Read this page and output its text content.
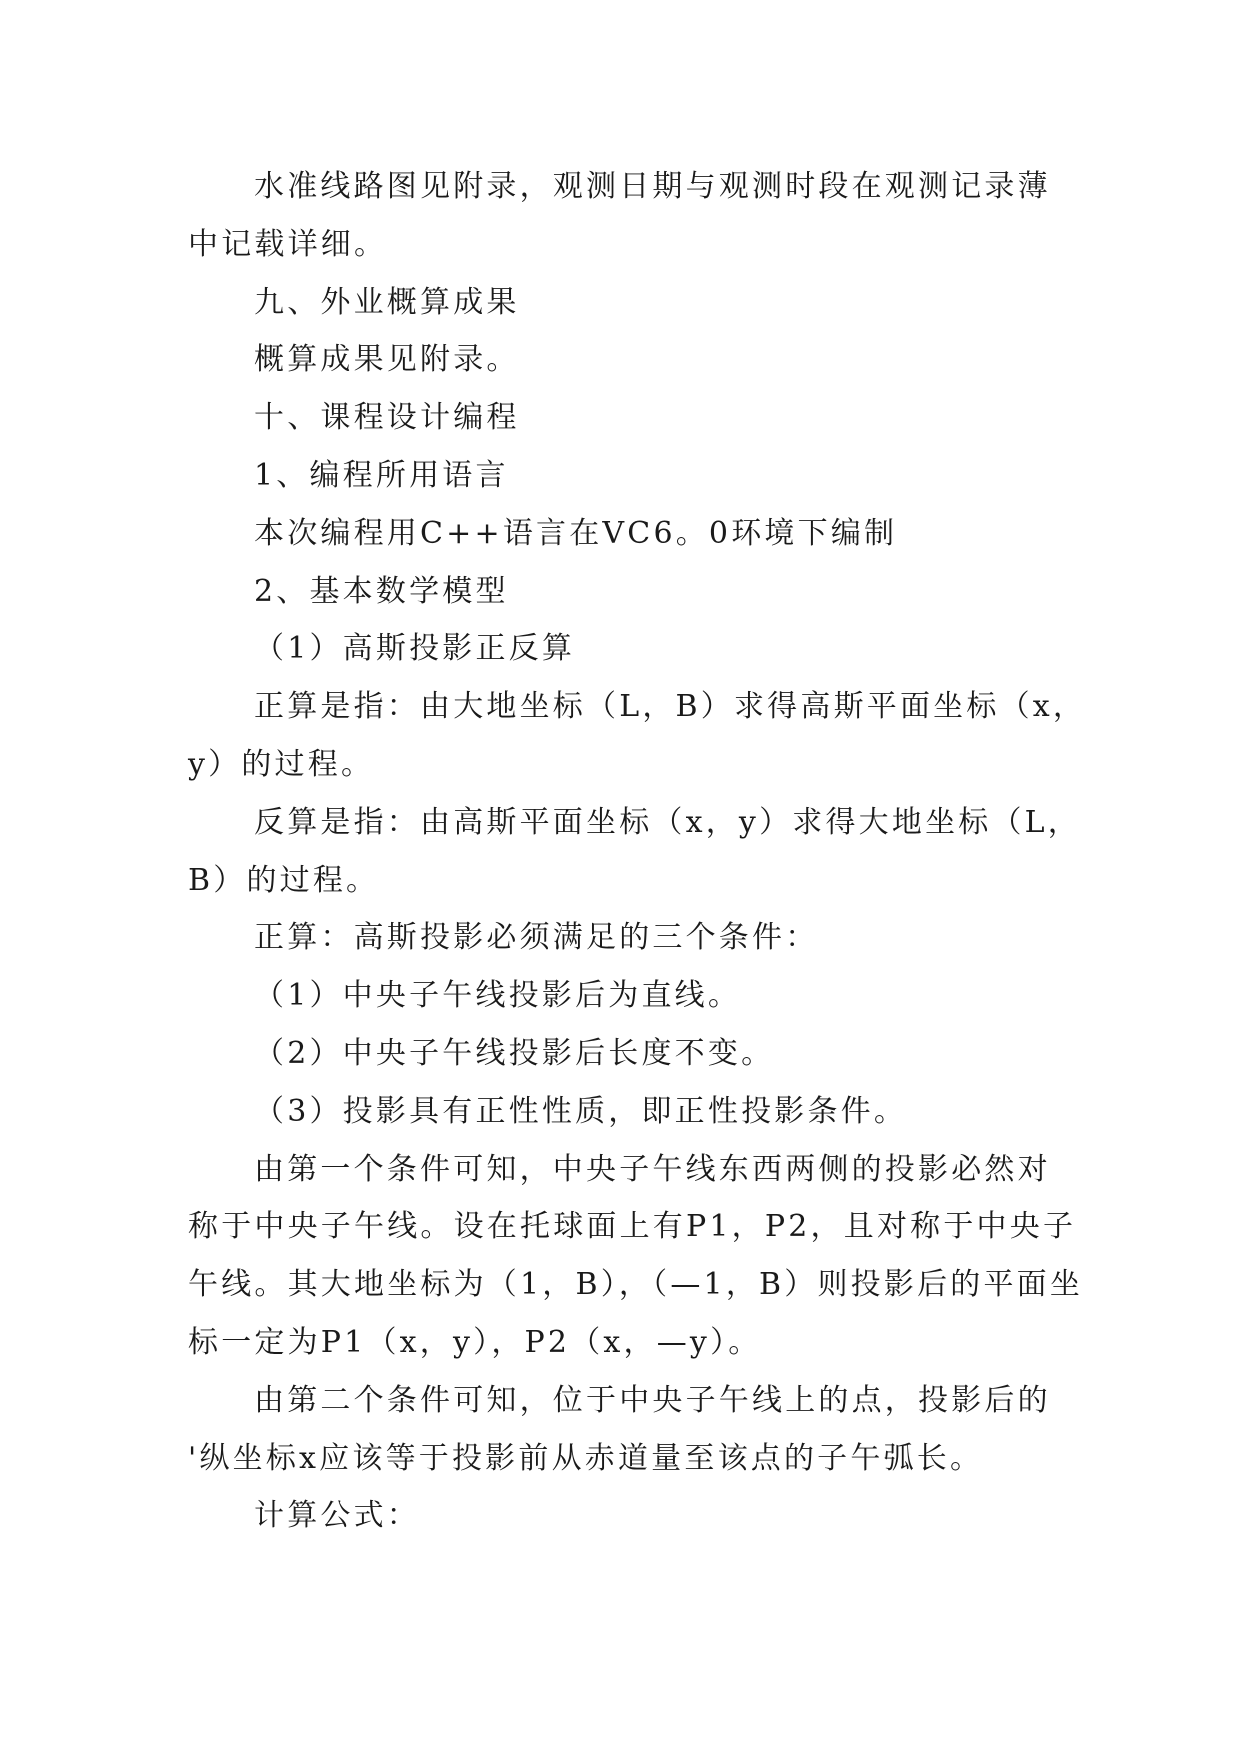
水准线路图见附录，观测日期与观测时段在观测记录薄

中记载详细。

九、外业概算成果

概算成果见附录。

十、课程设计编程

1、编程所用语言

本次编程用C++语言在VC6。0环境下编制

2、基本数学模型

（1）高斯投影正反算

正算是指：由大地坐标（L，B）求得高斯平面坐标（x，

y）的过程。

反算是指：由高斯平面坐标（x，y）求得大地坐标（L，

B）的过程。

正算：高斯投影必须满足的三个条件：

（1）中央子午线投影后为直线。

（2）中央子午线投影后长度不变。

（3）投影具有正性性质，即正性投影条件。

由第一个条件可知，中央子午线东西两侧的投影必然对

称于中央子午线。设在托球面上有P1，P2，且对称于中央子

午线。其大地坐标为（1，B），（—1，B）则投影后的平面坐

标一定为P1（x，y），P2（x，—y）。

由第二个条件可知，位于中央子午线上的点，投影后的

'纵坐标x应该等于投影前从赤道量至该点的子午弧长。

计算公式：
